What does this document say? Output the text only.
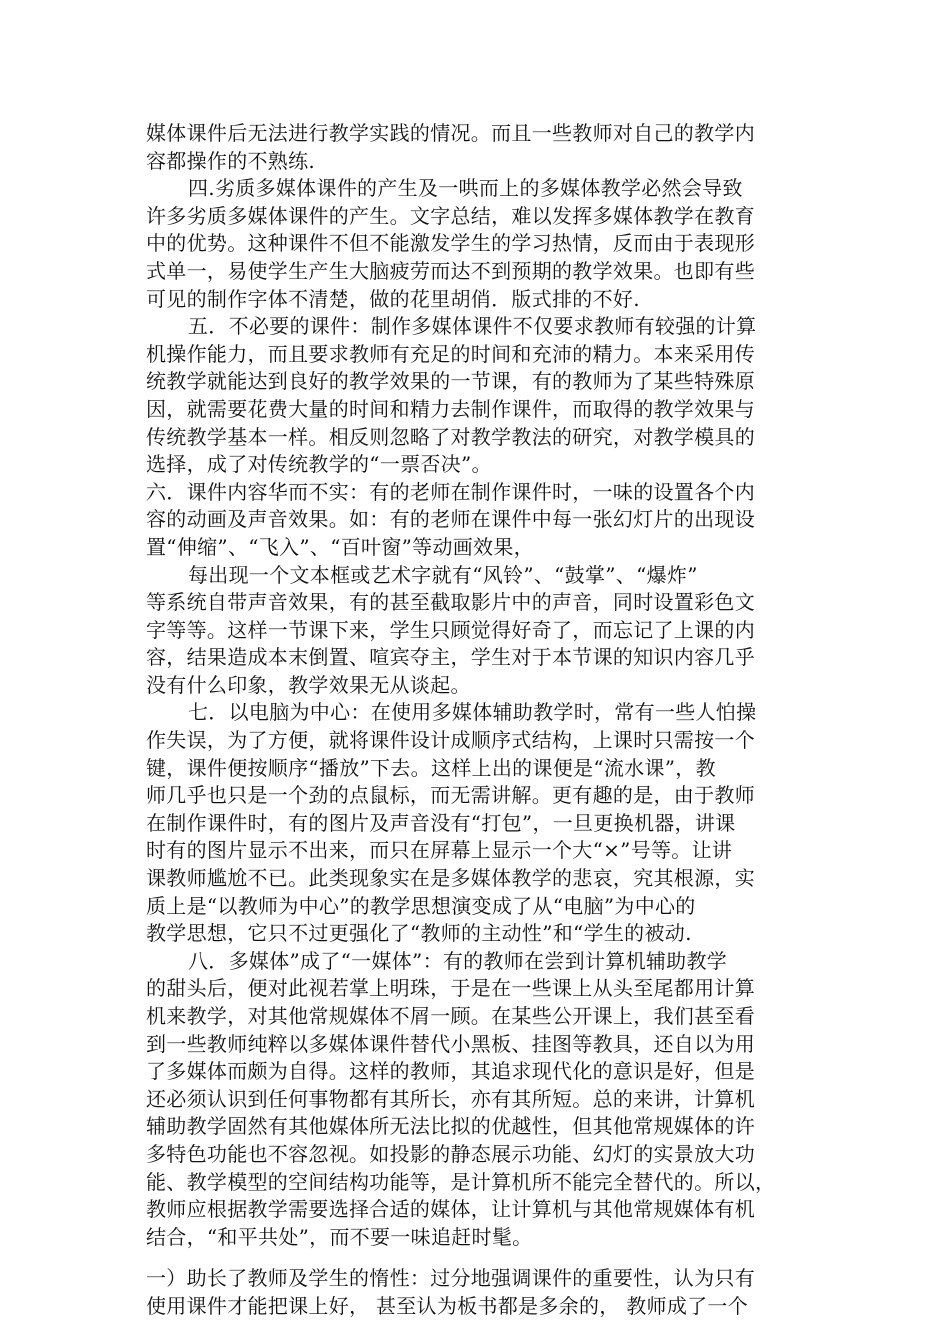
媒体课件后无法进行教学实践的情况。而且一些教师对自己的教学内
容都操作的不熟练.
四.劣质多媒体课件的产生及一哄而上的多媒体教学必然会导致
许多劣质多媒体课件的产生。文字总结，难以发挥多媒体教学在教育
中的优势。这种课件不但不能激发学生的学习热情，反而由于表现形
式单一，易使学生产生大脑疲劳而达不到预期的教学效果。也即有些
可见的制作字体不清楚，做的花里胡俏．版式排的不好.
五．不必要的课件：制作多媒体课件不仅要求教师有较强的计算
机操作能力，而且要求教师有充足的时间和充沛的精力。本来采用传
统教学就能达到良好的教学效果的一节课，有的教师为了某些特殊原
因，就需要花费大量的时间和精力去制作课件，而取得的教学效果与
传统教学基本一样。相反则忽略了对教学教法的研究，对教学模具的
选择，成了对传统教学的“一票否决”。
六．课件内容华而不实：有的老师在制作课件时，一味的设置各个内
容的动画及声音效果。如：有的老师在课件中每一张幻灯片的出现设
置“伸缩”、“飞入”、“百叶窗”等动画效果，
每出现一个文本框或艺术字就有“风铃”、“鼓掌”、“爆炸”
等系统自带声音效果，有的甚至截取影片中的声音，同时设置彩色文
字等等。这样一节课下来，学生只顾觉得好奇了，而忘记了上课的内
容，结果造成本末倒置、喧宾夺主，学生对于本节课的知识内容几乎
没有什么印象，教学效果无从谈起。
七．以电脑为中心：在使用多媒体辅助教学时，常有一些人怕操
作失误，为了方便，就将课件设计成顺序式结构，上课时只需按一个
键，课件便按顺序“播放”下去。这样上出的课便是“流水课”，教
师几乎也只是一个劲的点鼠标，而无需讲解。更有趣的是，由于教师
在制作课件时，有的图片及声音没有“打包”，一旦更换机器，讲课
时有的图片显示不出来，而只在屏幕上显示一个大“×”号等。让讲
课教师尴尬不已。此类现象实在是多媒体教学的悲哀，究其根源，实
质上是“以教师为中心”的教学思想演变成了从“电脑”为中心的
教学思想，它只不过更强化了“教师的主动性”和“学生的被动.
八．多媒体”成了“一媒体”：有的教师在尝到计算机辅助教学
的甜头后，便对此视若掌上明珠，于是在一些课上从头至尾都用计算
机来教学，对其他常规媒体不屑一顾。在某些公开课上，我们甚至看
到一些教师纯粹以多媒体课件替代小黑板、挂图等教具，还自以为用
了多媒体而颇为自得。这样的教师，其追求现代化的意识是好，但是
还必须认识到任何事物都有其所长，亦有其所短。总的来讲，计算机
辅助教学固然有其他媒体所无法比拟的优越性，但其他常规媒体的许
多特色功能也不容忽视。如投影的静态展示功能、幻灯的实景放大功
能、教学模型的空间结构功能等，是计算机所不能完全替代的。所以，
教师应根据教学需要选择合适的媒体，让计算机与其他常规媒体有机
结合，“和平共处”，而不要一味追赶时髦。
一）助长了教师及学生的惰性：过分地强调课件的重要性，认为只有
使用课件才能把课上好， 甚至认为板书都是多余的， 教师成了一个
